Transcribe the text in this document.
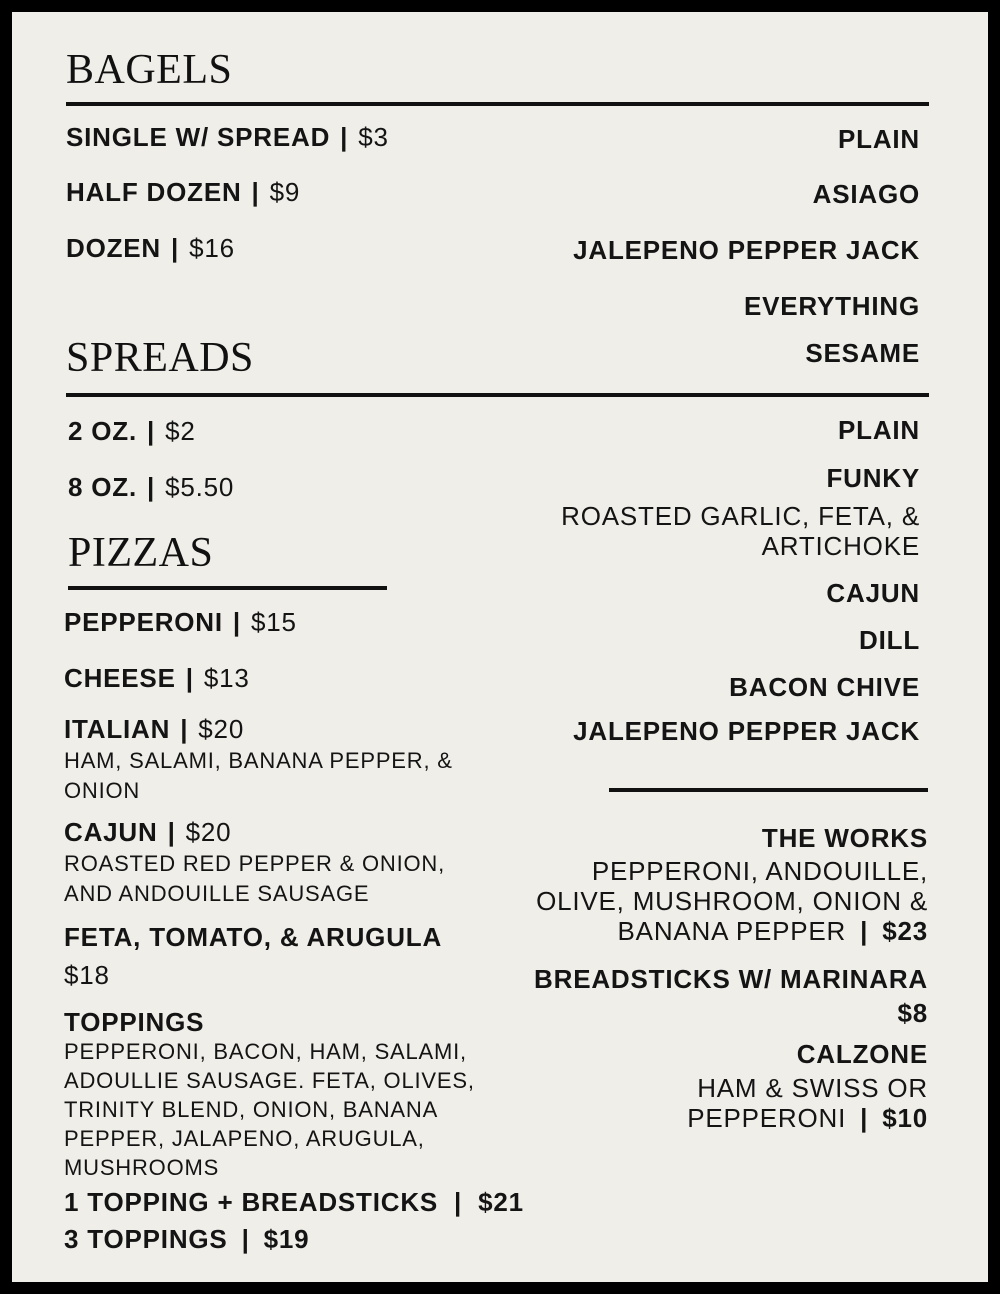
BAGELS
SINGLE W/ SPREAD | $3
HALF DOZEN | $9
DOZEN | $16
PLAIN
ASIAGO
JALEPENO PEPPER JACK
EVERYTHING
SESAME
SPREADS
2 OZ. | $2
8 OZ. | $5.50
PLAIN
FUNKY
ROASTED GARLIC, FETA, & ARTICHOKE
CAJUN
DILL
BACON CHIVE
JALEPENO PEPPER JACK
PIZZAS
PEPPERONI | $15
CHEESE | $13
ITALIAN | $20
HAM, SALAMI, BANANA PEPPER, & ONION
CAJUN | $20
ROASTED RED PEPPER & ONION, AND ANDOUILLE SAUSAGE
FETA, TOMATO, & ARUGULA
$18
TOPPINGS
PEPPERONI, BACON, HAM, SALAMI, ADOULLIE SAUSAGE. FETA, OLIVES, TRINITY BLEND, ONION, BANANA PEPPER, JALAPENO, ARUGULA, MUSHROOMS
1 TOPPING + BREADSTICKS | $21
3 TOPPINGS | $19
THE WORKS
PEPPERONI, ANDOUILLE, OLIVE, MUSHROOM, ONION & BANANA PEPPER | $23
BREADSTICKS W/ MARINARA
$8
CALZONE
HAM & SWISS OR PEPPERONI | $10
